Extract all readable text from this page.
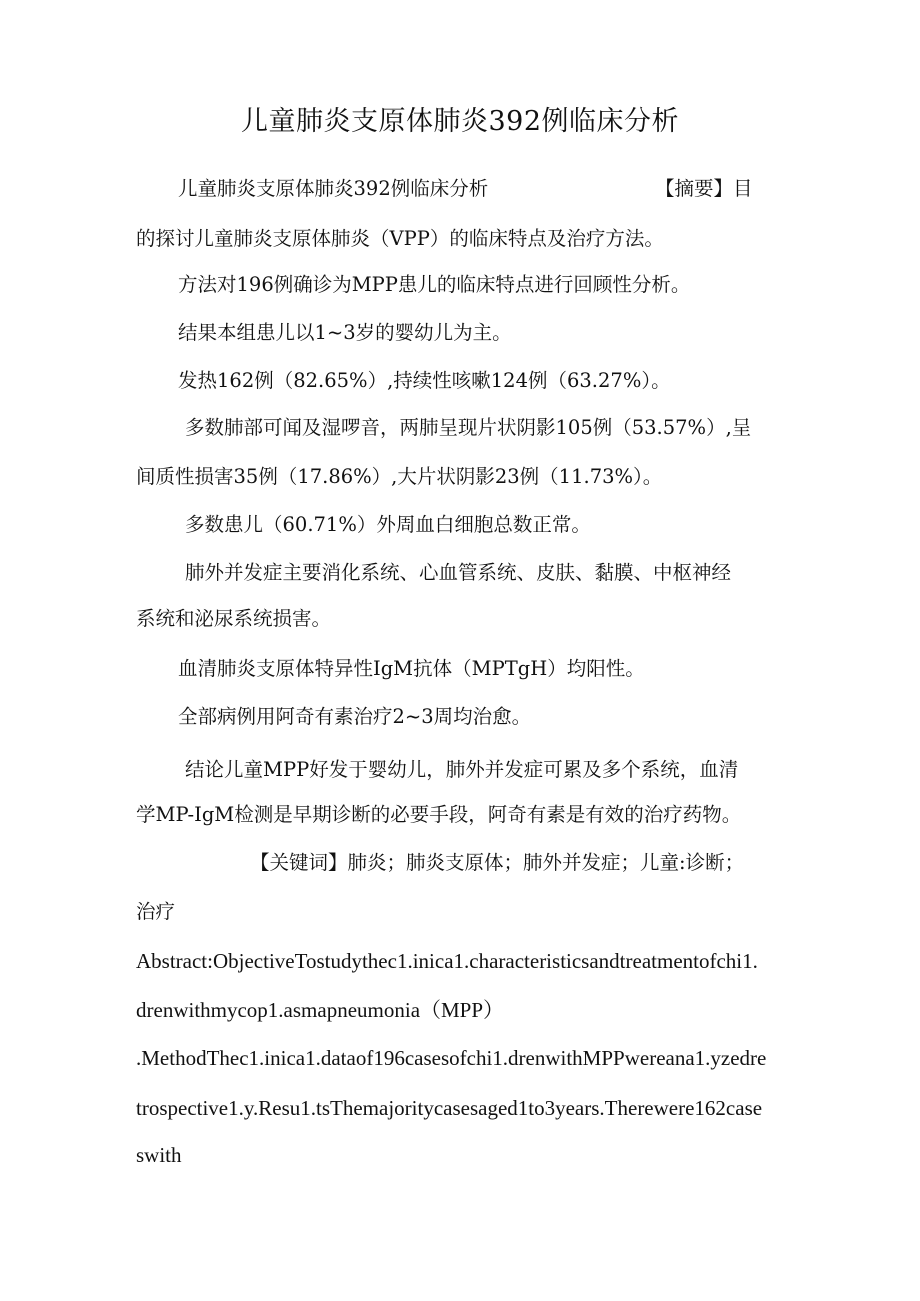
儿童肺炎支原体肺炎392例临床分析
儿童肺炎支原体肺炎392例临床分析	【摘要】目
的探讨儿童肺炎支原体肺炎（VPP）的临床特点及治疗方法。
方法对196例确诊为MPP患儿的临床特点进行回顾性分析。
结果本组患儿以1~3岁的婴幼儿为主。
发热162例（82.65%）,持续性咳嗽124例（63.27%）。
多数肺部可闻及湿啰音，两肺呈现片状阴影105例（53.57%）,呈
间质性损害35例（17.86%）,大片状阴影23例（11.73%）。
多数患儿（60.71%）外周血白细胞总数正常。
肺外并发症主要消化系统、心血管系统、皮肤、黏膜、中枢神经
系统和泌尿系统损害。
血清肺炎支原体特异性IgM抗体（MPTgH）均阳性。
全部病例用阿奇有素治疗2~3周均治愈。
结论儿童MPP好发于婴幼儿，肺外并发症可累及多个系统，血清
学MP-IgM检测是早期诊断的必要手段，阿奇有素是有效的治疗药物。
【关键词】肺炎；肺炎支原体；肺外并发症；儿童:诊断；
治疗
Abstract:ObjectiveTostudythec1.inica1.characteristicsandtreatmentofchi1.
drenwithmycop1.asmapneumonia（MPP）
.MethodThec1.inica1.dataof196casesofchi1.drenwithMPPwereana1.yzedre
trospective1.y.Resu1.tsThemajoritycasesaged1to3years.Therewere162case
swith
